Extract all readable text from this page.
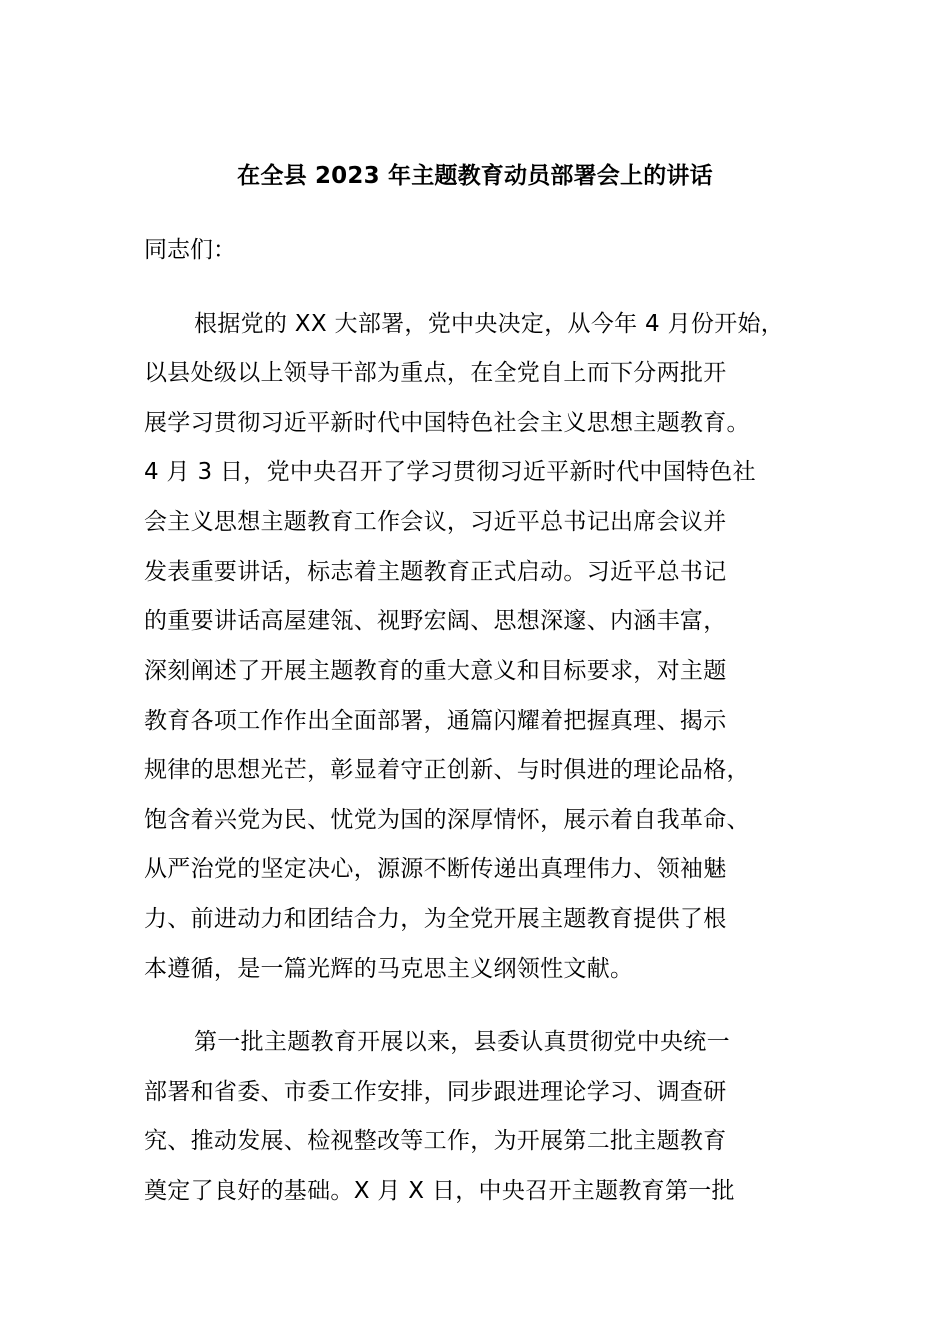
在全县 2023 年主题教育动员部署会上的讲话
同志们：
根据党的 XX 大部署，党中央决定，从今年 4 月份开始，
以县处级以上领导干部为重点，在全党自上而下分两批开
展学习贯彻习近平新时代中国特色社会主义思想主题教育。
4 月 3 日，党中央召开了学习贯彻习近平新时代中国特色社
会主义思想主题教育工作会议，习近平总书记出席会议并
发表重要讲话，标志着主题教育正式启动。习近平总书记
的重要讲话高屋建瓴、视野宏阔、思想深邃、内涵丰富，
深刻阐述了开展主题教育的重大意义和目标要求，对主题
教育各项工作作出全面部署，通篇闪耀着把握真理、揭示
规律的思想光芒，彰显着守正创新、与时俱进的理论品格，
饱含着兴党为民、忧党为国的深厚情怀，展示着自我革命、
从严治党的坚定决心，源源不断传递出真理伟力、领袖魅
力、前进动力和团结合力，为全党开展主题教育提供了根
本遵循，是一篇光辉的马克思主义纲领性文献。
第一批主题教育开展以来，县委认真贯彻党中央统一
部署和省委、市委工作安排，同步跟进理论学习、调查研
究、推动发展、检视整改等工作，为开展第二批主题教育
奠定了良好的基础。X 月 X 日，中央召开主题教育第一批
